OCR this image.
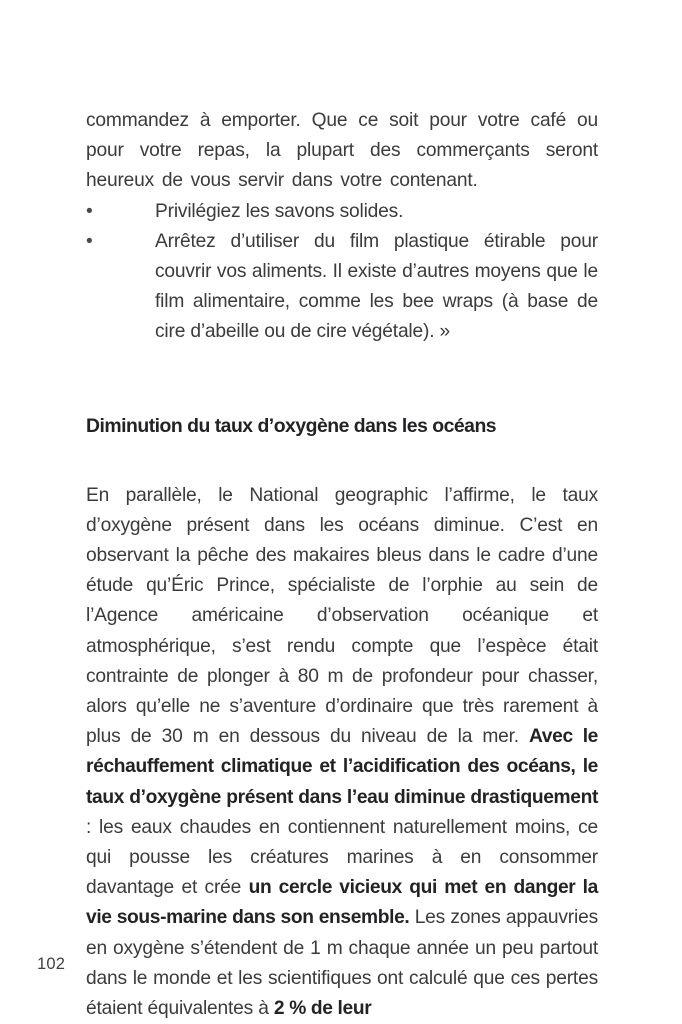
commandez à emporter. Que ce soit pour votre café ou pour votre repas, la plupart des commerçants seront heureux de vous servir dans votre contenant.

•	Privilégiez les savons solides.
•	Arrêtez d’utiliser du film plastique étirable pour couvrir vos aliments. Il existe d’autres moyens que le film alimentaire, comme les bee wraps (à base de cire d’abeille ou de cire végétale). »
Diminution du taux d’oxygène dans les océans

En parallèle, le National geographic l’affirme, le taux d’oxygène présent dans les océans diminue. C’est en observant la pêche des makaires bleus dans le cadre d’une étude qu’Éric Prince, spécialiste de l’orphie au sein de l’Agence américaine d’observation océanique et atmosphérique, s’est rendu compte que l’espèce était contrainte de plonger à 80 m de profondeur pour chasser, alors qu’elle ne s’aventure d’ordinaire que très rarement à plus de 30 m en dessous du niveau de la mer. Avec le réchauffement climatique et l’acidification des océans, le taux d’oxygène présent dans l’eau diminue drastiquement : les eaux chaudes en contiennent naturellement moins, ce qui pousse les créatures marines à en consommer davantage et crée un cercle vicieux qui met en danger la vie sous-marine dans son ensemble. Les zones appauvries en oxygène s’étendent de 1 m chaque année un peu partout dans le monde et les scientifiques ont calculé que ces pertes étaient équivalentes à 2 % de leur

102
